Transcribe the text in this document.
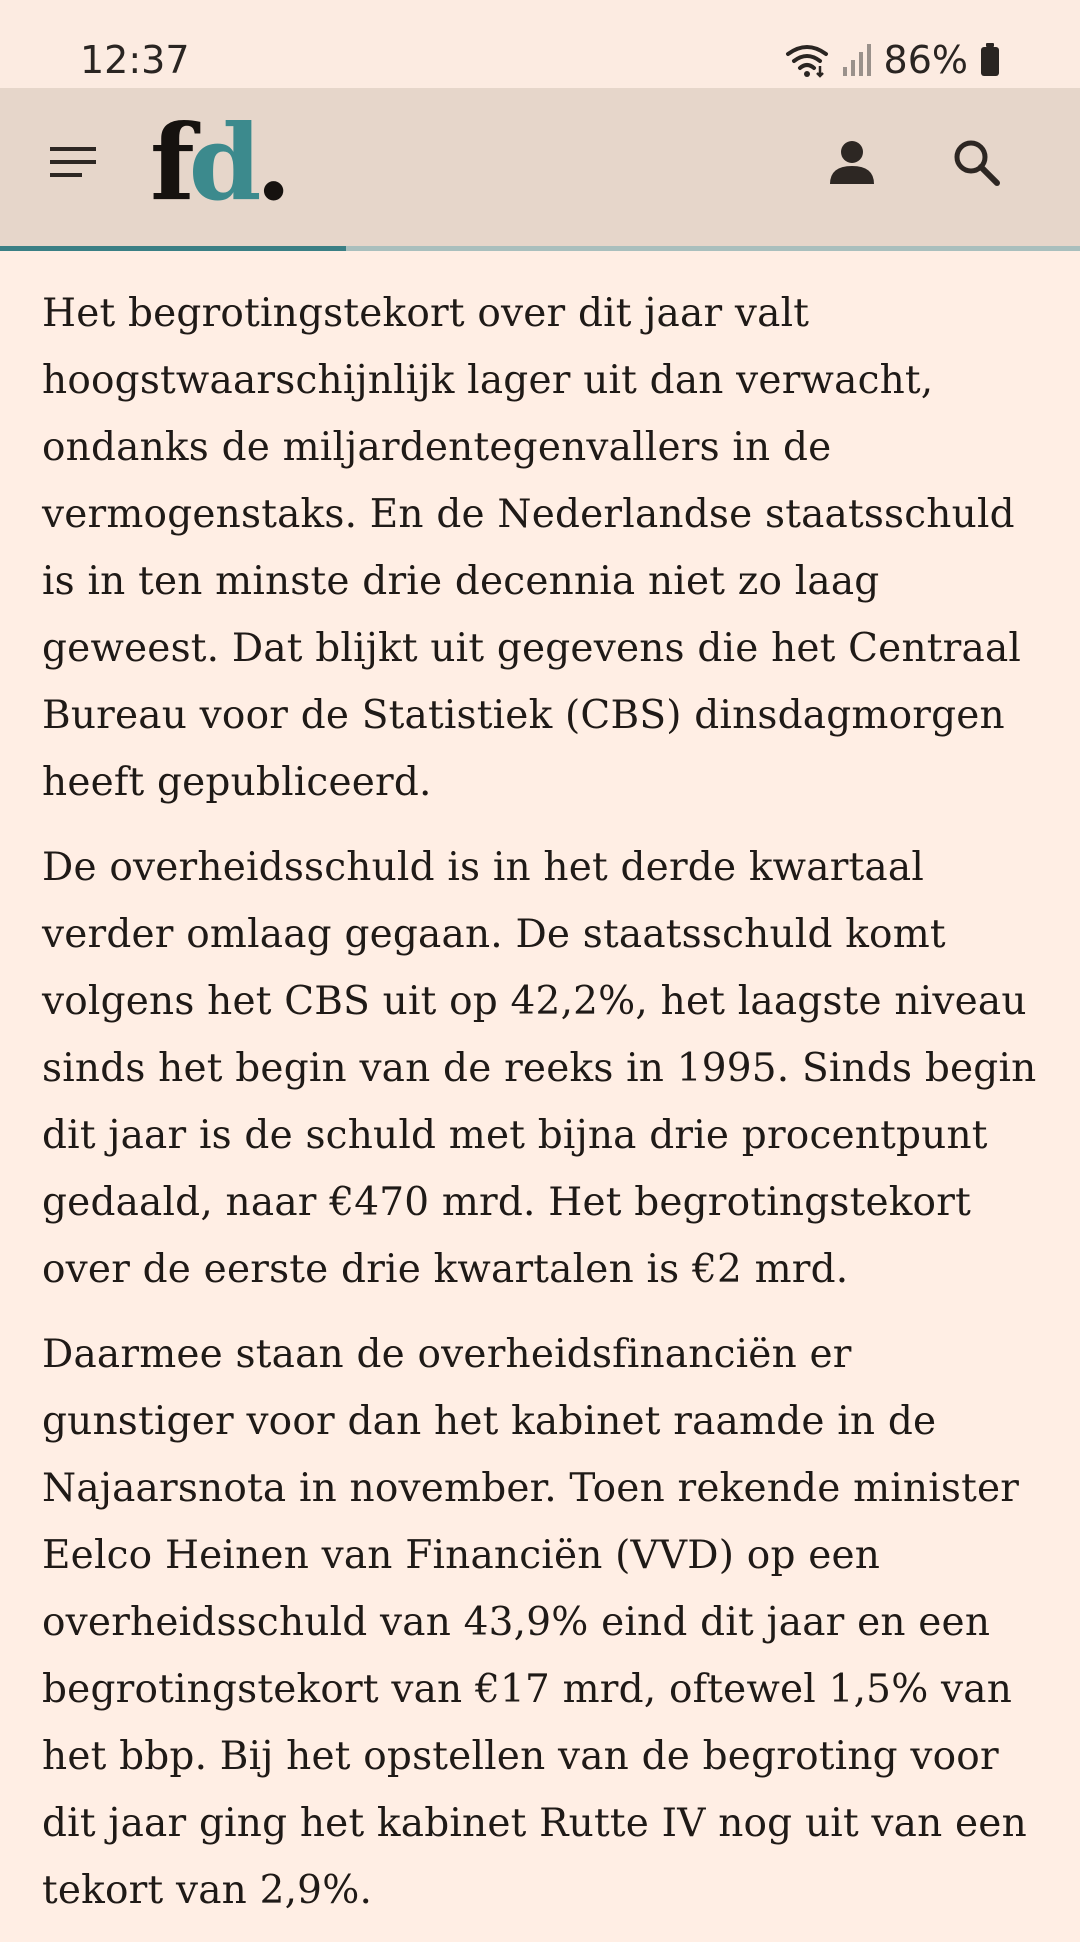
12:37	86%
f d .

Het begrotingstekort over dit jaar valt hoogstwaarschijnlijk lager uit dan verwacht, ondanks de miljardentegenvallers in de vermogenstaks. En de Nederlandse staatsschuld is in ten minste drie decennia niet zo laag geweest. Dat blijkt uit gegevens die het Centraal Bureau voor de Statistiek (CBS) dinsdagmorgen heeft gepubliceerd.

De overheidsschuld is in het derde kwartaal verder omlaag gegaan. De staatsschuld komt volgens het CBS uit op 42,2%, het laagste niveau sinds het begin van de reeks in 1995. Sinds begin dit jaar is de schuld met bijna drie procentpunt gedaald, naar €470 mrd. Het begrotingstekort over de eerste drie kwartalen is €2 mrd.

Daarmee staan de overheidsfinanciën er gunstiger voor dan het kabinet raamde in de Najaarsnota in november. Toen rekende minister Eelco Heinen van Financiën (VVD) op een overheidsschuld van 43,9% eind dit jaar en een begrotingstekort van €17 mrd, oftewel 1,5% van het bbp. Bij het opstellen van de begroting voor dit jaar ging het kabinet Rutte IV nog uit van een tekort van 2,9%.
